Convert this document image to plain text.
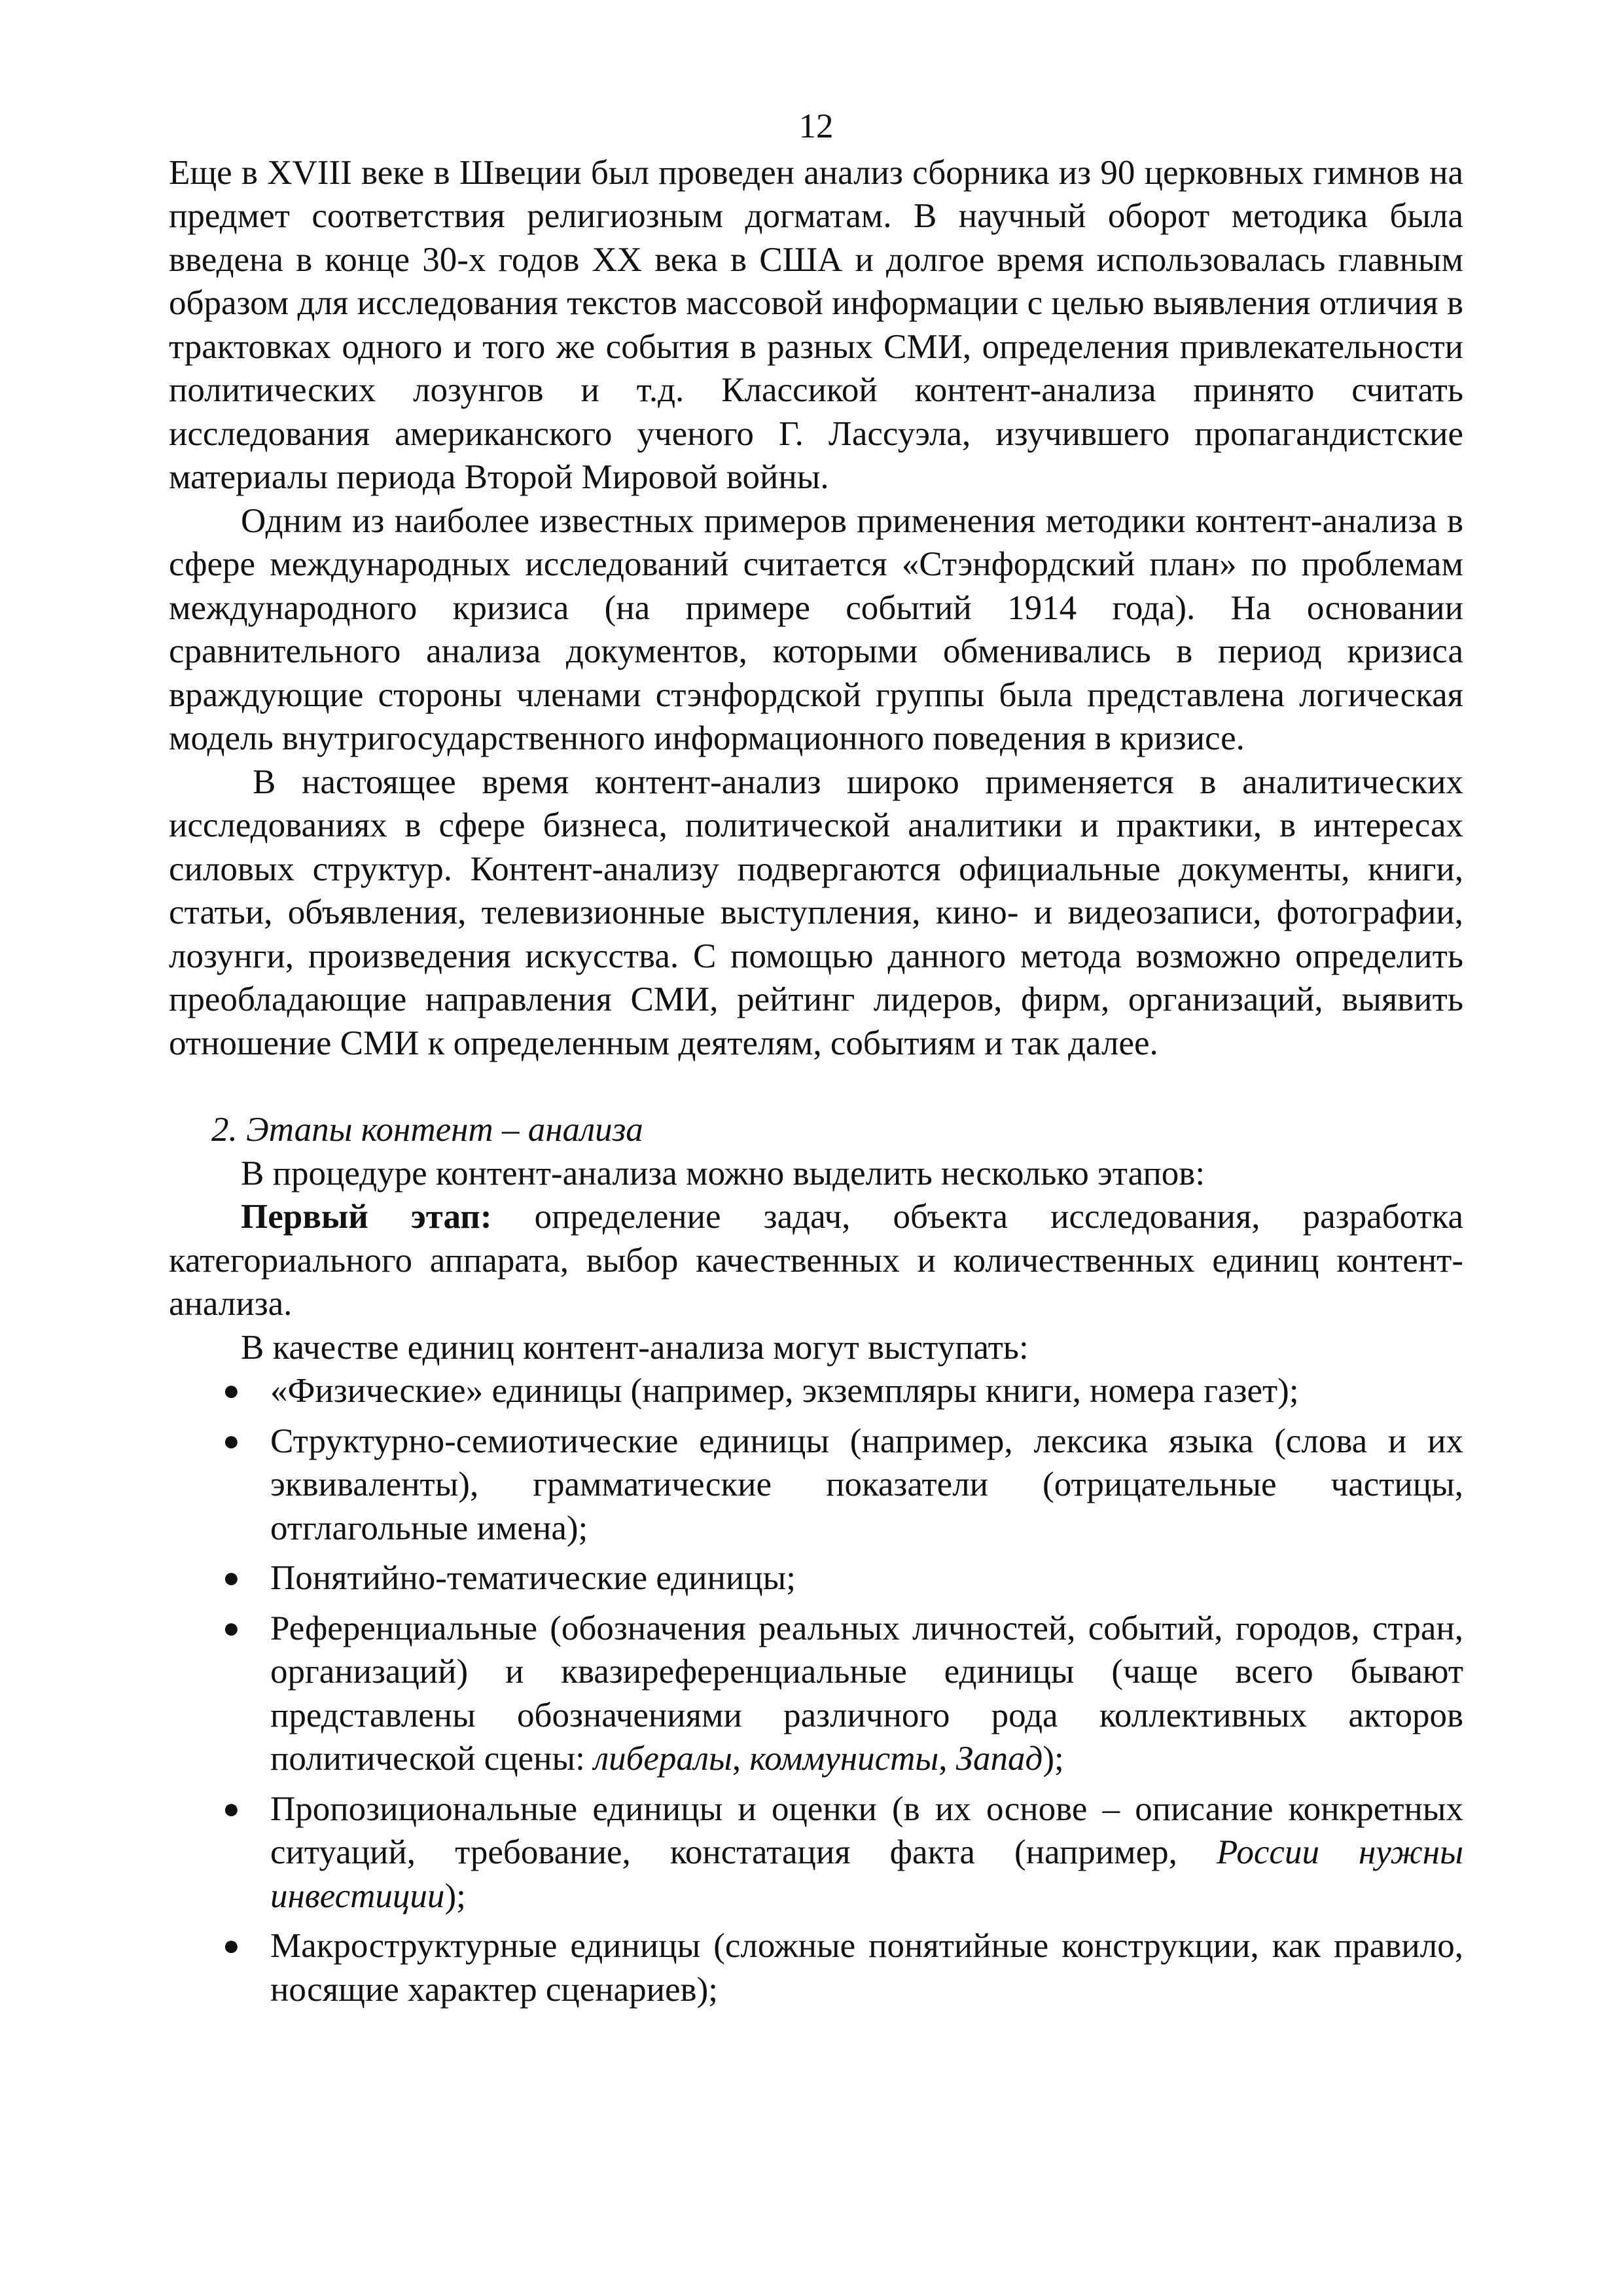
12

Еще в XVIII веке в Швеции был проведен анализ сборника из 90 церковных гимнов на предмет соответствия религиозным догматам. В научный оборот методика была введена в конце 30-х годов XX века в США и долгое время использовалась главным образом для исследования текстов массовой информации с целью выявления отличия в трактовках одного и того же события в разных СМИ, определения привлекательности политических лозунгов и т.д. Классикой контент-анализа принято считать исследования американского ученого Г. Лассуэла, изучившего пропагандистские материалы периода Второй Мировой войны.

Одним из наиболее известных примеров применения методики контент-анализа в сфере международных исследований считается «Стэнфордский план» по проблемам международного кризиса (на примере событий 1914 года). На основании сравнительного анализа документов, которыми обменивались в период кризиса враждующие стороны членами стэнфордской группы была представлена логическая модель внутригосударственного информационного поведения в кризисе.

В настоящее время контент-анализ широко применяется в аналитических исследованиях в сфере бизнеса, политической аналитики и практики, в интересах силовых структур. Контент-анализу подвергаются официальные документы, книги, статьи, объявления, телевизионные выступления, кино- и видеозаписи, фотографии, лозунги, произведения искусства. С помощью данного метода возможно определить преобладающие направления СМИ, рейтинг лидеров, фирм, организаций, выявить отношение СМИ к определенным деятелям, событиям и так далее.

2. Этапы контент – анализа

В процедуре контент-анализа можно выделить несколько этапов:

Первый этап: определение задач, объекта исследования, разработка категориального аппарата, выбор качественных и количественных единиц контент-анализа.

В качестве единиц контент-анализа могут выступать:

● «Физические» единицы (например, экземпляры книги, номера газет);
● Структурно-семиотические единицы (например, лексика языка (слова и их эквиваленты), грамматические показатели (отрицательные частицы, отглагольные имена);
● Понятийно-тематические единицы;
● Референциальные (обозначения реальных личностей, событий, городов, стран, организаций) и квазиреференциальные единицы (чаще всего бывают представлены обозначениями различного рода коллективных акторов политической сцены: либералы, коммунисты, Запад);
● Пропозициональные единицы и оценки (в их основе – описание конкретных ситуаций, требование, констатация факта (например, России нужны инвестиции);
● Макроструктурные единицы (сложные понятийные конструкции, как правило, носящие характер сценариев);
